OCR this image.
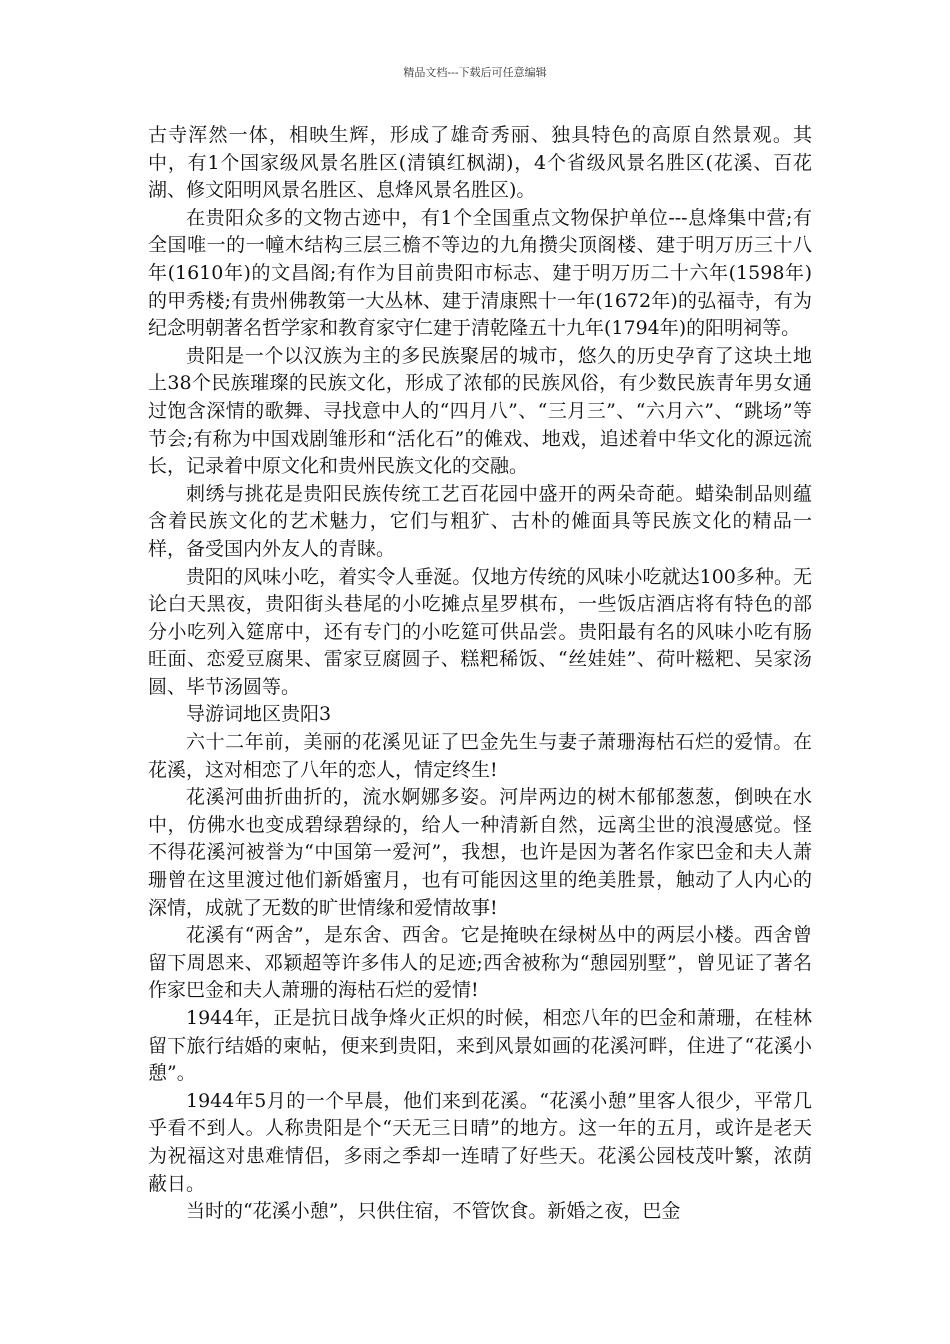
精品文档---下载后可任意编辑

古寺浑然一体，相映生辉，形成了雄奇秀丽、独具特色的高原自然景观。其中，有1个国家级风景名胜区(清镇红枫湖)，4个省级风景名胜区(花溪、百花湖、修文阳明风景名胜区、息烽风景名胜区)。

在贵阳众多的文物古迹中，有1个全国重点文物保护单位---息烽集中营;有全国唯一的一幢木结构三层三檐不等边的九角攒尖顶阁楼、建于明万历三十八年(1610年)的文昌阁;有作为目前贵阳市标志、建于明万历二十六年(1598年)的甲秀楼;有贵州佛教第一大丛林、建于清康熙十一年(1672年)的弘福寺，有为纪念明朝著名哲学家和教育家守仁建于清乾隆五十九年(1794年)的阳明祠等。

贵阳是一个以汉族为主的多民族聚居的城市，悠久的历史孕育了这块土地上38个民族璀璨的民族文化，形成了浓郁的民族风俗，有少数民族青年男女通过饱含深情的歌舞、寻找意中人的“四月八”、“三月三”、“六月六”、“跳场”等节会;有称为中国戏剧雏形和“活化石”的傩戏、地戏，追述着中华文化的源远流长，记录着中原文化和贵州民族文化的交融。

刺绣与挑花是贵阳民族传统工艺百花园中盛开的两朵奇葩。蜡染制品则蕴含着民族文化的艺术魅力，它们与粗犷、古朴的傩面具等民族文化的精品一样，备受国内外友人的青睐。

贵阳的风味小吃，着实令人垂涎。仅地方传统的风味小吃就达100多种。无论白天黑夜，贵阳街头巷尾的小吃摊点星罗棋布，一些饭店酒店将有特色的部分小吃列入筵席中，还有专门的小吃筵可供品尝。贵阳最有名的风味小吃有肠旺面、恋爱豆腐果、雷家豆腐圆子、糕粑稀饭、“丝娃娃”、荷叶糍粑、吴家汤圆、毕节汤圆等。

导游词地区贵阳3

六十二年前，美丽的花溪见证了巴金先生与妻子萧珊海枯石烂的爱情。在花溪，这对相恋了八年的恋人，情定终生!

花溪河曲折曲折的，流水婀娜多姿。河岸两边的树木郁郁葱葱，倒映在水中，仿佛水也变成碧绿碧绿的，给人一种清新自然，远离尘世的浪漫感觉。怪不得花溪河被誉为“中国第一爱河”，我想，也许是因为著名作家巴金和夫人萧珊曾在这里渡过他们新婚蜜月，也有可能因这里的绝美胜景，触动了人内心的深情，成就了无数的旷世情缘和爱情故事!

花溪有“两舍”，是东舍、西舍。它是掩映在绿树丛中的两层小楼。西舍曾留下周恩来、邓颖超等许多伟人的足迹;西舍被称为“憩园别墅”，曾见证了著名作家巴金和夫人萧珊的海枯石烂的爱情!

1944年，正是抗日战争烽火正炽的时候，相恋八年的巴金和萧珊，在桂林留下旅行结婚的柬帖，便来到贵阳，来到风景如画的花溪河畔，住进了“花溪小憩”。

1944年5月的一个早晨，他们来到花溪。“花溪小憩”里客人很少，平常几乎看不到人。人称贵阳是个“天无三日晴”的地方。这一年的五月，或许是老天为祝福这对患难情侣，多雨之季却一连晴了好些天。花溪公园枝茂叶繁，浓荫蔽日。

当时的“花溪小憩”，只供住宿，不管饮食。新婚之夜，巴金
